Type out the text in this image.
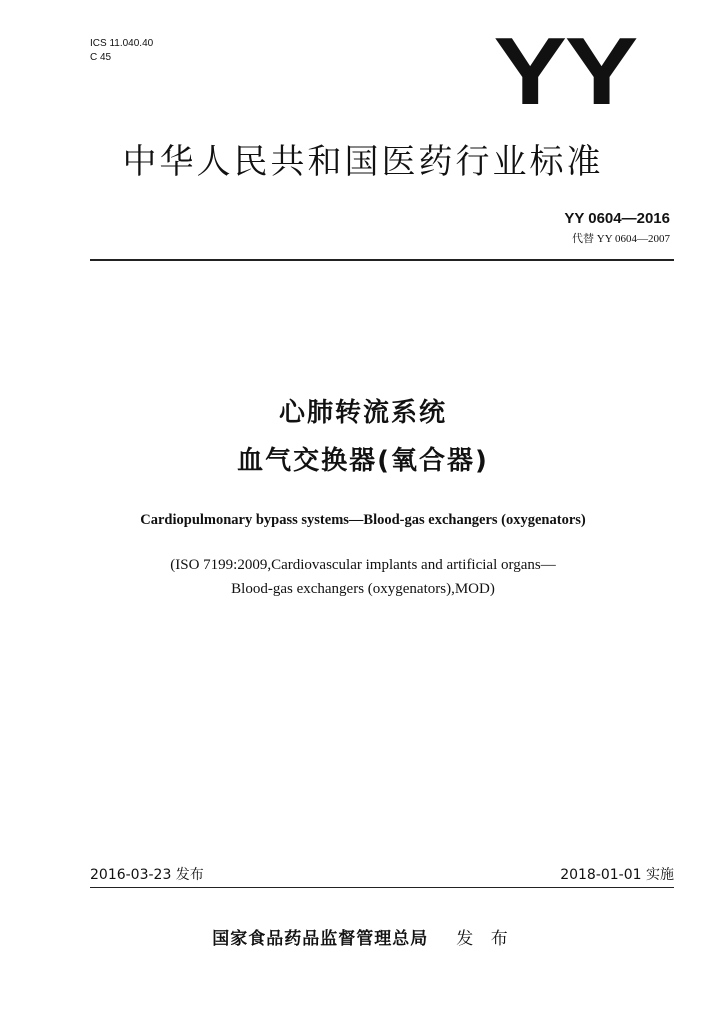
ICS 11.040.40
C 45	YY
中华人民共和国医药行业标准
YY 0604—2016
代替 YY 0604—2007
心肺转流系统
血气交换器(氧合器)
Cardiopulmonary bypass systems—Blood-gas exchangers (oxygenators)
(ISO 7199:2009,Cardiovascular implants and artificial organs—
Blood-gas exchangers (oxygenators),MOD)
2016-03-23 发布	2018-01-01 实施
国家食品药品监督管理总局 发 布
